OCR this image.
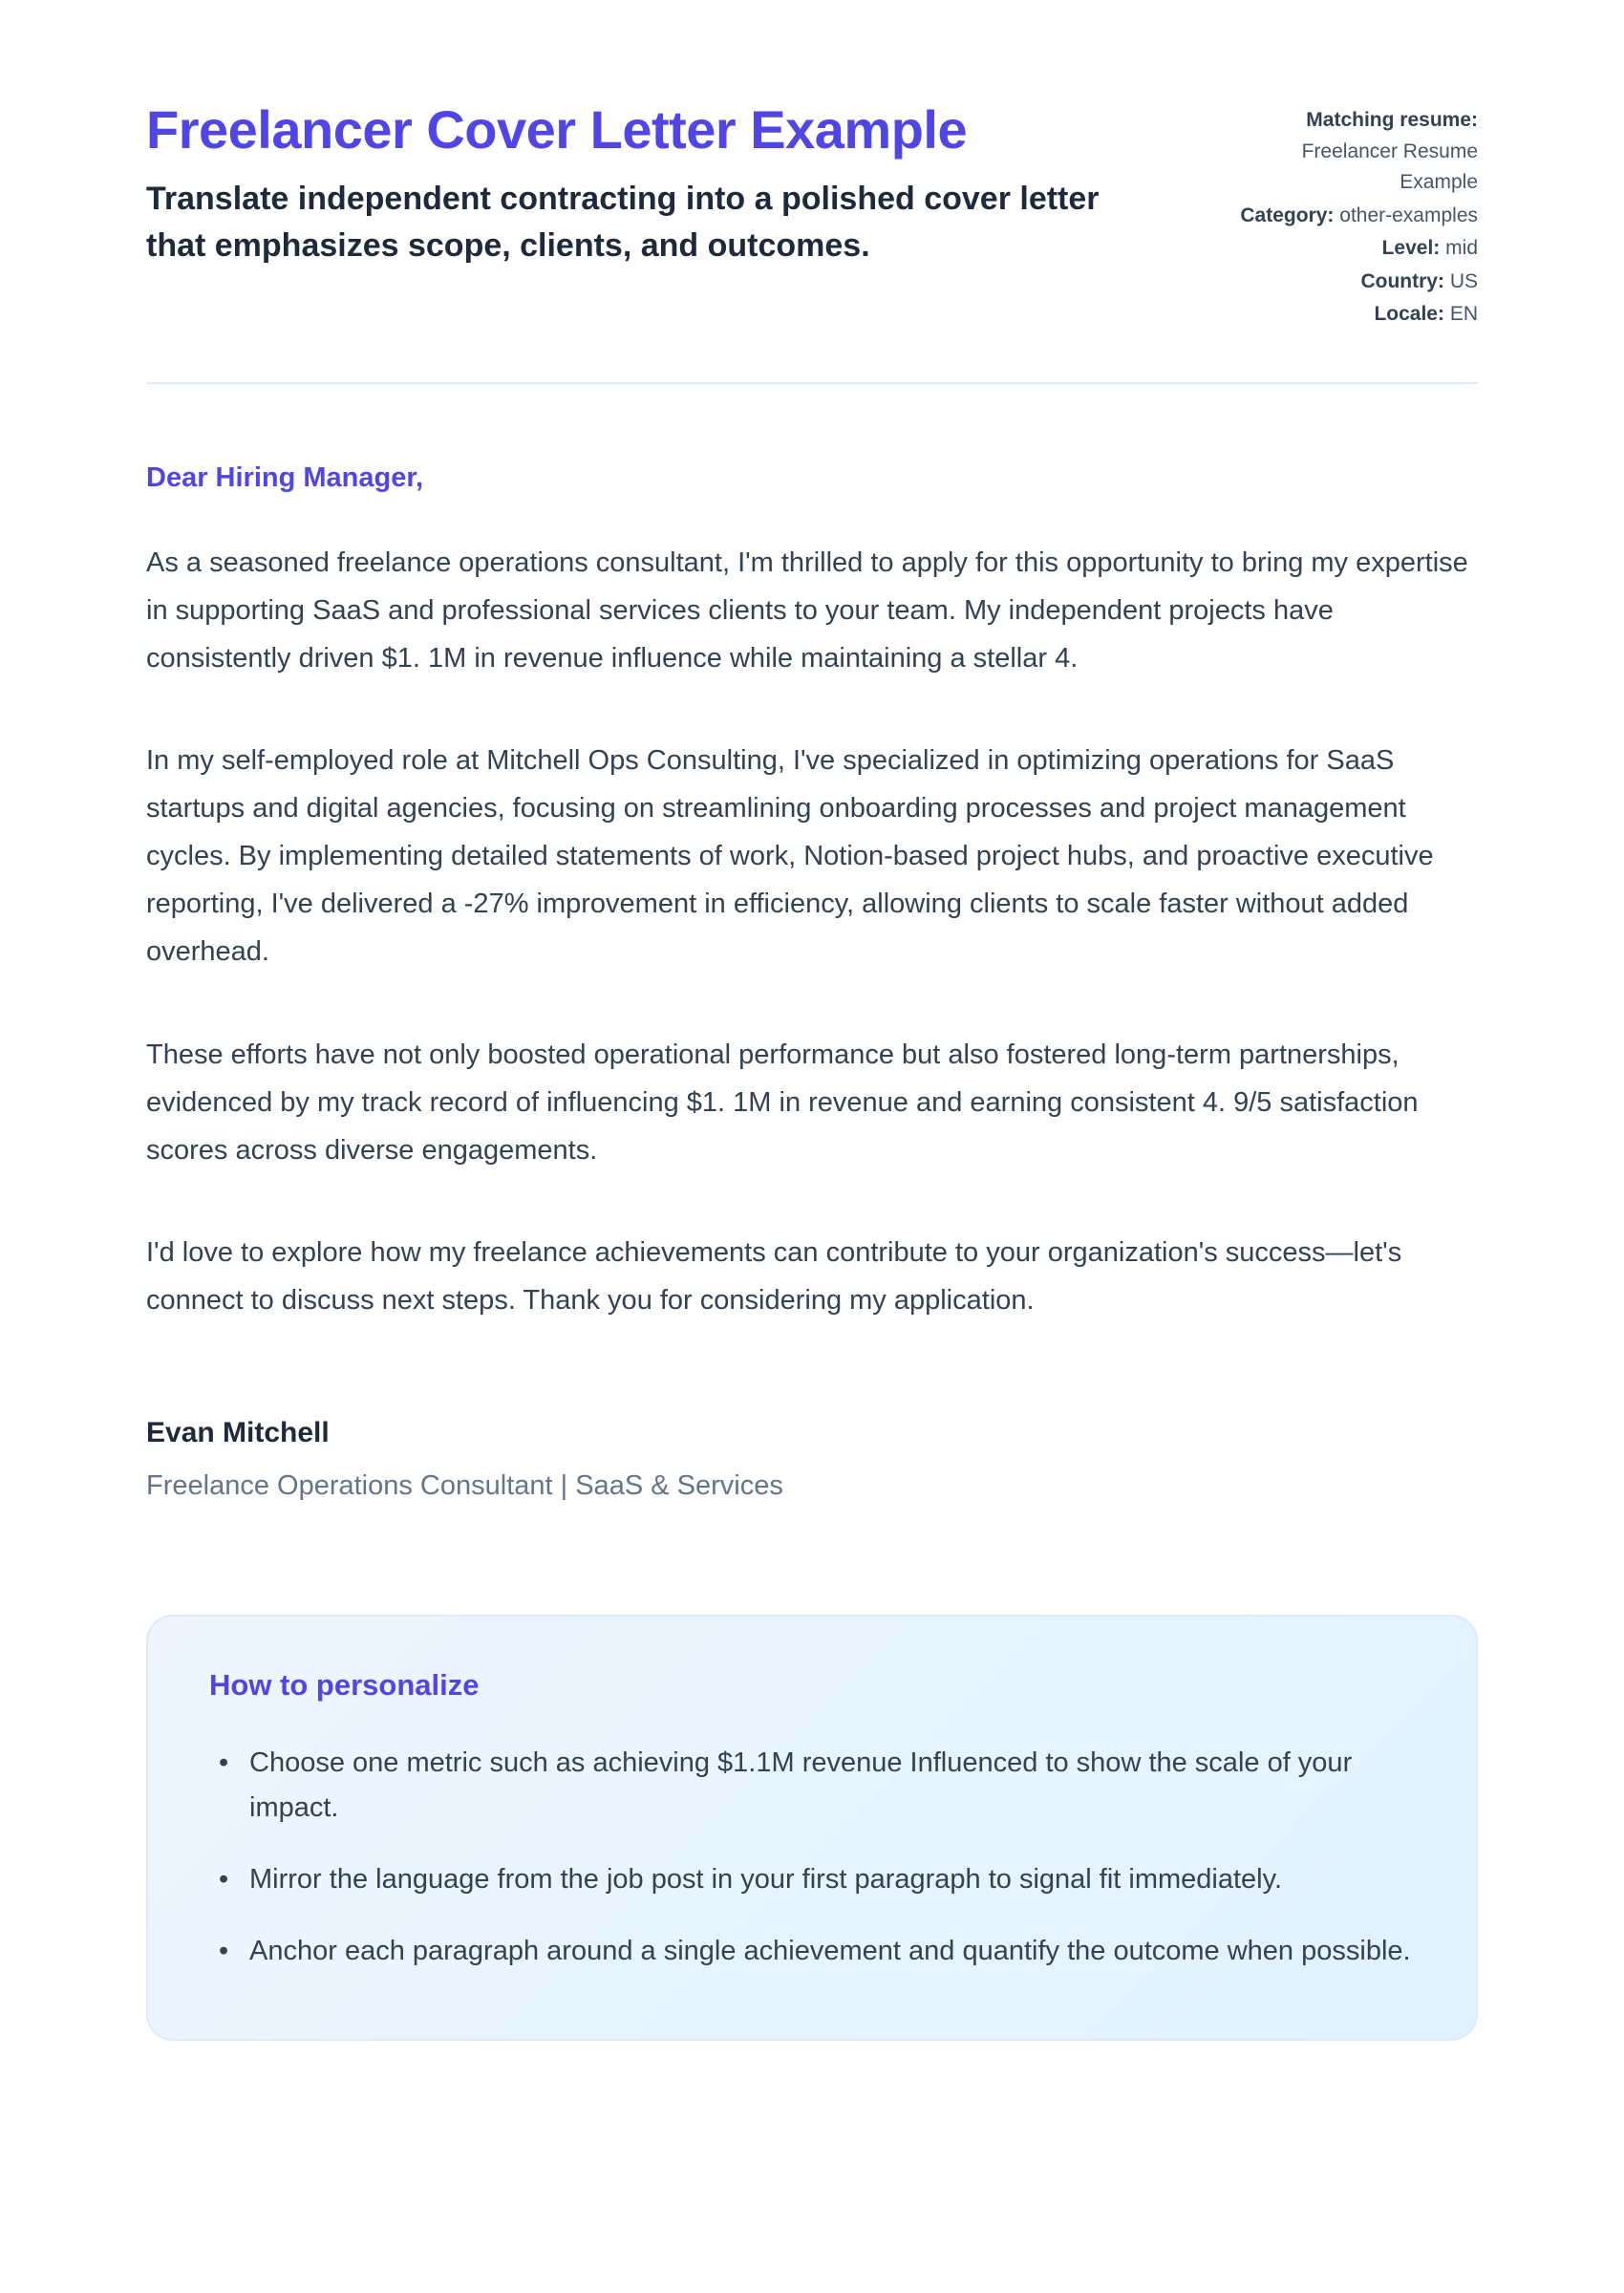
Freelancer Cover Letter Example
Translate independent contracting into a polished cover letter that emphasizes scope, clients, and outcomes.
Matching resume: Freelancer Resume Example
Category: other-examples
Level: mid
Country: US
Locale: EN
Dear Hiring Manager,

As a seasoned freelance operations consultant, I'm thrilled to apply for this opportunity to bring my expertise in supporting SaaS and professional services clients to your team. My independent projects have consistently driven $1. 1M in revenue influence while maintaining a stellar 4.

In my self-employed role at Mitchell Ops Consulting, I've specialized in optimizing operations for SaaS startups and digital agencies, focusing on streamlining onboarding processes and project management cycles. By implementing detailed statements of work, Notion-based project hubs, and proactive executive reporting, I've delivered a -27% improvement in efficiency, allowing clients to scale faster without added overhead.

These efforts have not only boosted operational performance but also fostered long-term partnerships, evidenced by my track record of influencing $1. 1M in revenue and earning consistent 4. 9/5 satisfaction scores across diverse engagements.

I'd love to explore how my freelance achievements can contribute to your organization's success—let's connect to discuss next steps. Thank you for considering my application.

Evan Mitchell
Freelance Operations Consultant | SaaS & Services
How to personalize
• Choose one metric such as achieving $1.1M revenue Influenced to show the scale of your impact.
• Mirror the language from the job post in your first paragraph to signal fit immediately.
• Anchor each paragraph around a single achievement and quantify the outcome when possible.
